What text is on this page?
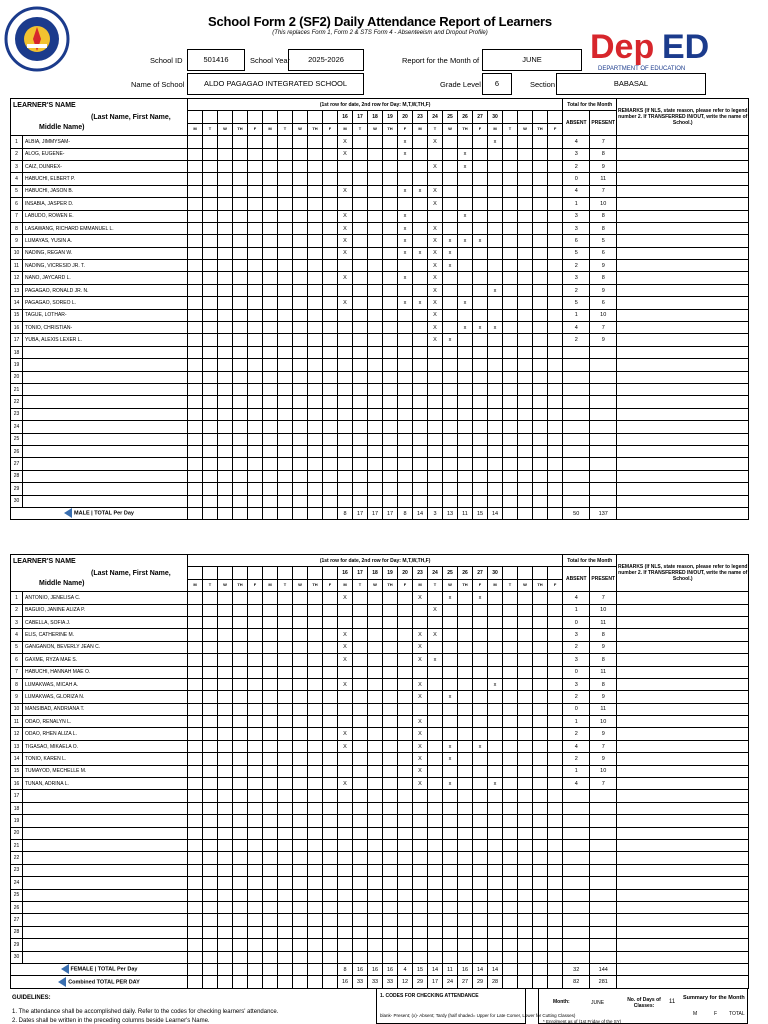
School Form 2 (SF2) Daily Attendance Report of Learners
(This replaces Form 1, Form 2 & STS Form 4 - Absenteeism and Dropout Profile)	Dep ED
DEPARTMENT OF EDUCATION
School ID	501416	School Year	2025-2026	Report for the Month of	JUNE
Name of School	ALDO PAGAGAO INTEGRATED SCHOOL	Grade Level	6	Section	BABASAL
LEARNER'S NAME
(Last Name, First Name,
Middle Name)		(1st row for date, 2nd row for Day: M,T,W,TH,F)																									Total for the Month		REMARKS (If NLS, state reason, please refer to legend number 2. If TRANSFERRED IN/OUT, write the name of School.)
												16	17	18	19	20	23	24	25	26	27	30					ABSENT	PRESENT	
		M	T	W	TH	F	M	T	W	TH	F	M	T	W	TH	F	M	T	W	TH	F	M	T	W	TH	F			
1	ALBIA, JIMMYSAM-											X				x		X				x					4	7	
2	ALOG, EUGENE-											X				x				x							3	8	
3	CAIZ, DUNREX-																	X		x							2	9	
4	HABUCHI, ELBERT P.																										0	11	
5	HABUCHI, JASON B.											X				x	x	X									4	7	
6	INSABIA, JASPER D.																	X									1	10	
7	LABUDO, ROWEN E.											X				x				x							3	8	
8	LASAWANG, RICHARD EMMANUEL L.											X				x		X									3	8	
9	LUMAYAS, YUSIN A.											X				x		X	x	x	x						6	5	
10	NADING, REGAN W.											X				x	x	X	x								5	6	
11	NADING, VICRESID JR. T.																	X	x								2	9	
12	NANO, JAYCARD L.											X				x		X									3	8	
13	PAGAGAO, RONALD JR. N.																	X				x					2	9	
14	PAGAGAO, SOREO L.											X				x	x	X		x							5	6	
15	TAGUE, LOTHAR-																	X									1	10	
16	TONIO, CHRISTIAN-																	X		x	x	x					4	7	
17	YUBA, ALEXIS LEXER L.																	X	x								2	9	
18																													
19																													
20																													
21																													
22																													
23																													
24																													
25																													
26																													
27																													
28																													
29																													
30																													
MALE | TOTAL Per Day												8	17	17	17	8	14	3	13	11	15	14					50	137	
LEARNER'S NAME
(Last Name, First Name,
Middle Name)		(1st row for date, 2nd row for Day: M,T,W,TH,F)																									Total for the Month		REMARKS (If NLS, state reason, please refer to legend number 2. If TRANSFERRED IN/OUT, write the name of School.)
												16	17	18	19	20	23	24	25	26	27	30					ABSENT	PRESENT	
		M	T	W	TH	F	M	T	W	TH	F	M	T	W	TH	F	M	T	W	TH	F	M	T	W	TH	F			
1	ANTONIO, JENELISA C.											X					X		x		x						4	7	
2	BAGUIO, JANINE ALIZA P.																	X									1	10	
3	CABELLA, SOFIA J.																										0	11	
4	ELIS, CATHERINE M.											X					X	X									3	8	
5	GANGANON, BEVERLY JEAN C.											X					X										2	9	
6	GAXME, RYZA MAE S.											X					X	x									3	8	
7	HABUCHI, HANNAH MAE O.																										0	11	
8	LUMAKWAS, MICAH A.											X					X					x					3	8	
9	LUMAKWAS, GLORIZA N.																X		x								2	9	
10	MANSIBAD, ANDRIANA T.																										0	11	
11	ODAO, RENALYN L.																X										1	10	
12	ODAO, RHEN ALIZA L.											X					X										2	9	
13	TIGASAO, MIKAELA O.											X					X		x		x						4	7	
14	TONIO, KAREN L.																X		x								2	9	
15	TUMAYOD, MECHELLE M.																X										1	10	
16	TUNAN, ADRINA L.											X					X		x			x					4	7	
17																													
18																													
19																													
20																													
21																													
22																													
23																													
24																													
25																													
26																													
27																													
28																													
29																													
30																													
FEMALE | TOTAL Per Day												8	16	16	16	4	15	14	11	16	14	14					32	144	
Combined TOTAL PER DAY												16	33	33	33	12	29	17	24	27	29	28					82	281	
GUIDELINES:
1. The attendance shall be accomplished daily. Refer to the codes for checking learners' attendance.
2. Dates shall be written in the preceding columns beside Learner's Name.
1. CODES FOR CHECKING ATTENDANCE
blank- Present; (x)- Absent; Tardy (half shaded= Upper for Late Comer, Lower for Cutting Classes)
Month:	JUNE	No. of Days of Classes:
11
Summary for the Month
M	F TOTAL
* Enrolment as of (1st Friday of the SY)
